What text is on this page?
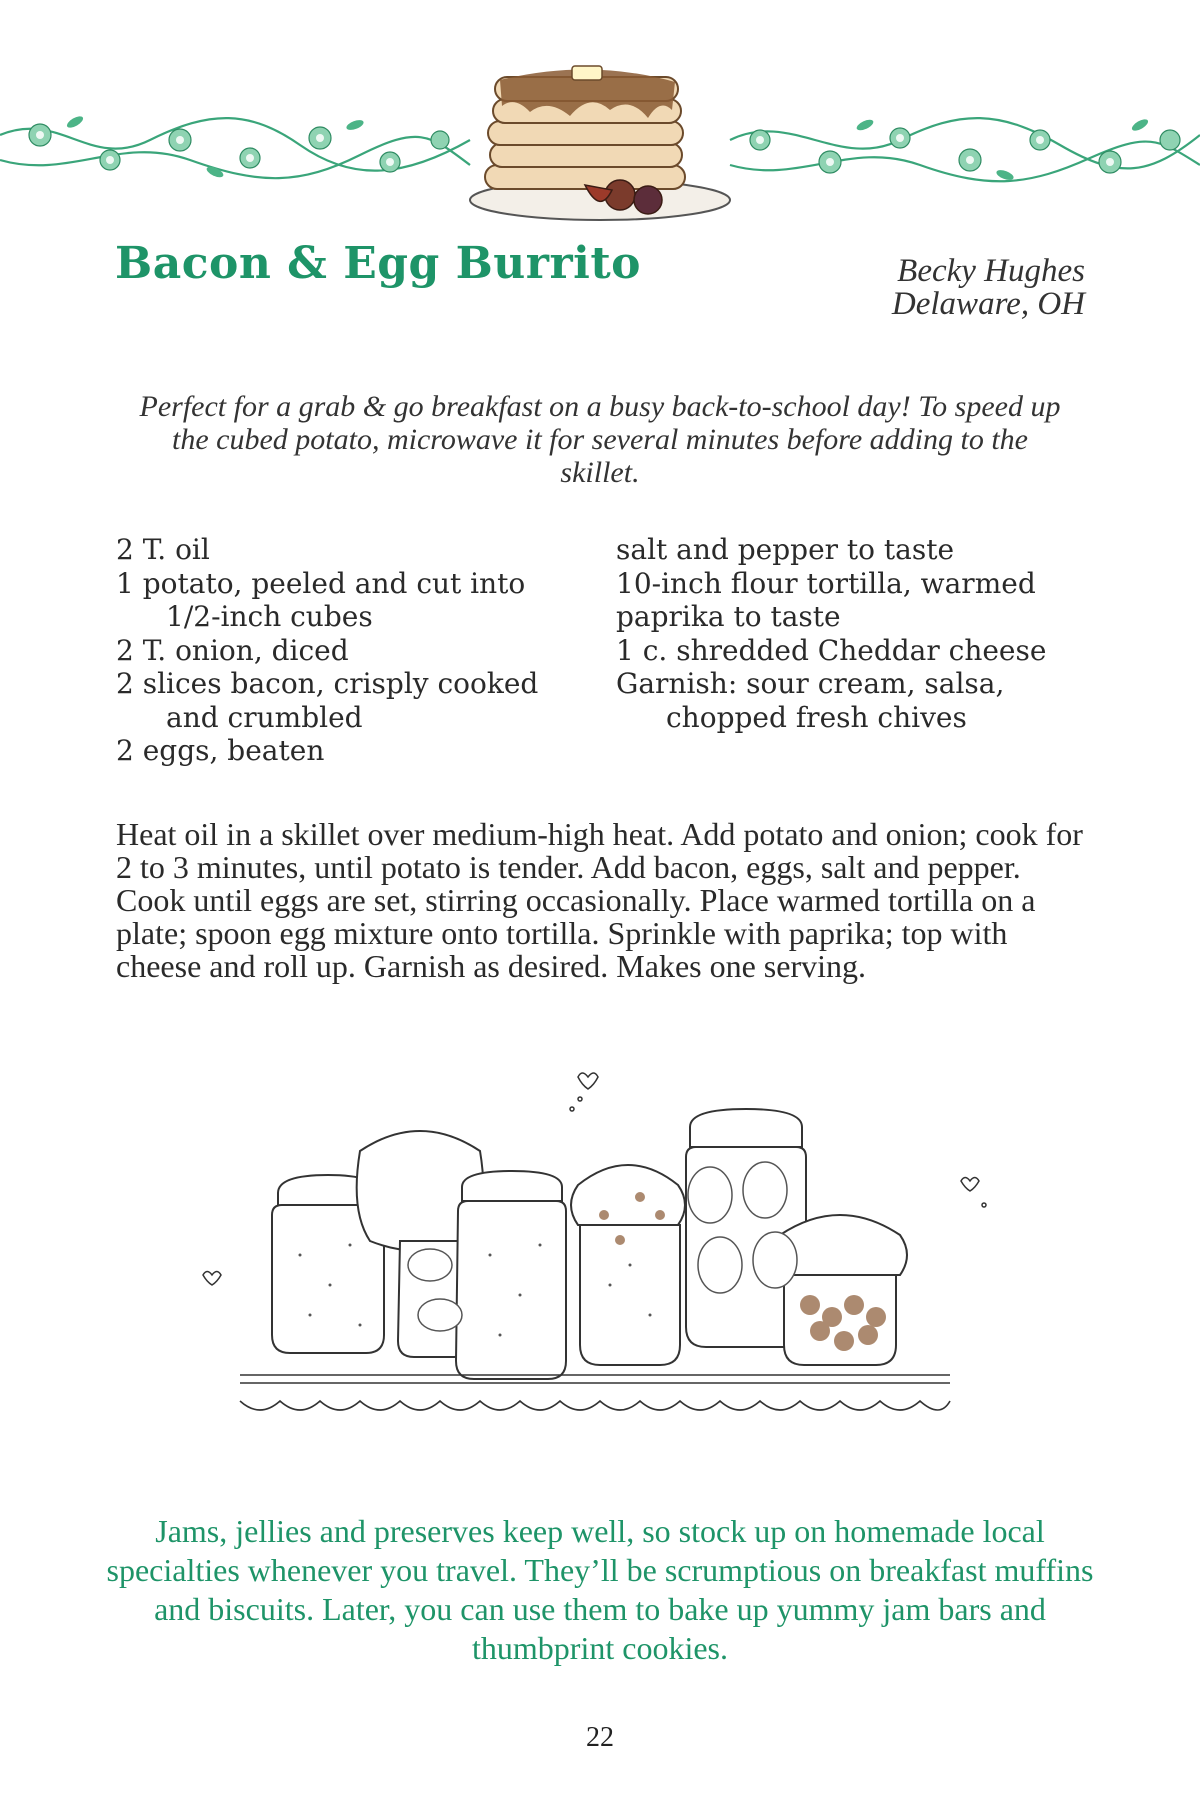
Bacon & Egg Burrito	Becky Hughes
Delaware, OH

Perfect for a grab & go breakfast on a busy back-to-school day! To speed up the cubed potato, microwave it for several minutes before adding to the skillet.

2 T. oil
1 potato, peeled and cut into 1/2-inch cubes
2 T. onion, diced
2 slices bacon, crisply cooked and crumbled
2 eggs, beaten
salt and pepper to taste
10-inch flour tortilla, warmed
paprika to taste
1 c. shredded Cheddar cheese
Garnish: sour cream, salsa, chopped fresh chives

Heat oil in a skillet over medium-high heat. Add potato and onion; cook for 2 to 3 minutes, until potato is tender. Add bacon, eggs, salt and pepper. Cook until eggs are set, stirring occasionally. Place warmed tortilla on a plate; spoon egg mixture onto tortilla. Sprinkle with paprika; top with cheese and roll up. Garnish as desired. Makes one serving.

Jams, jellies and preserves keep well, so stock up on homemade local specialties whenever you travel. They’ll be scrumptious on breakfast muffins and biscuits. Later, you can use them to bake up yummy jam bars and thumbprint cookies.

22
